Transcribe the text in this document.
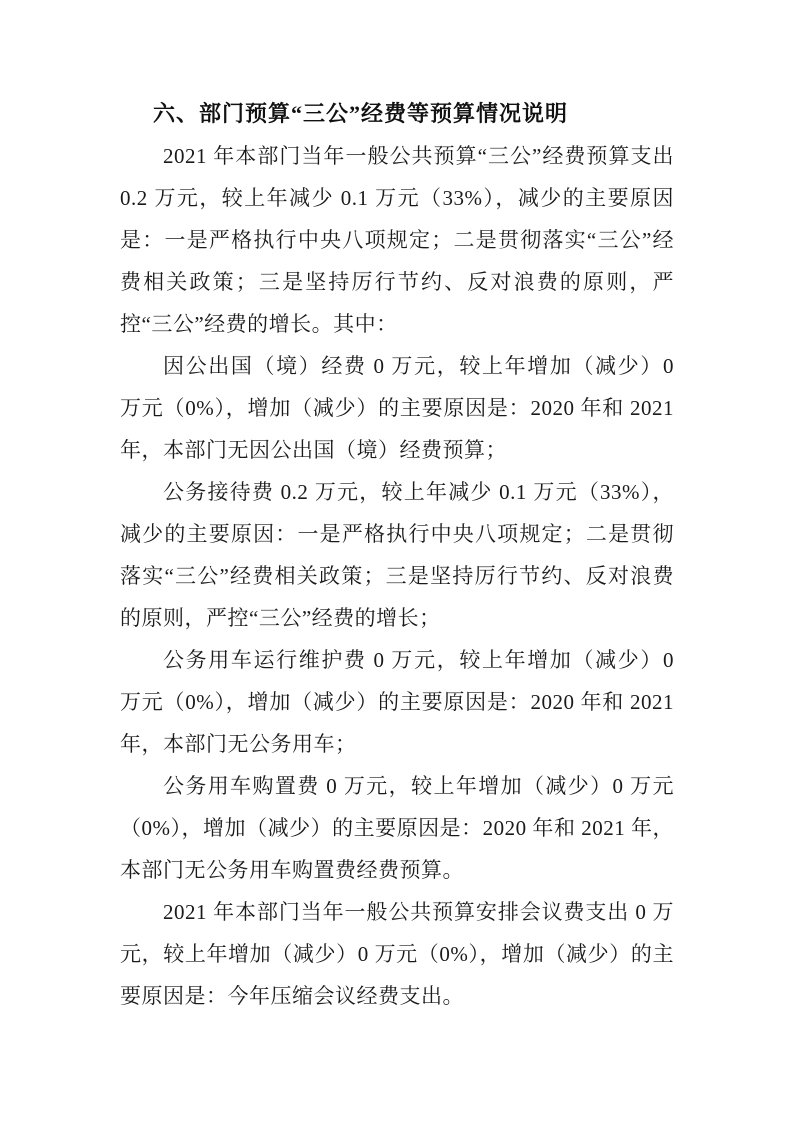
六、部门预算“三公”经费等预算情况说明

2021 年本部门当年一般公共预算“三公”经费预算支出 0.2 万元，较上年减少 0.1 万元（33%），减少的主要原因是：一是严格执行中央八项规定；二是贯彻落实“三公”经费相关政策；三是坚持厉行节约、反对浪费的原则，严控“三公”经费的增长。其中：

因公出国（境）经费 0 万元，较上年增加（减少）0 万元（0%），增加（减少）的主要原因是：2020 年和 2021 年，本部门无因公出国（境）经费预算；

公务接待费 0.2 万元，较上年减少 0.1 万元（33%），减少的主要原因：一是严格执行中央八项规定；二是贯彻落实“三公”经费相关政策；三是坚持厉行节约、反对浪费的原则，严控“三公”经费的增长；

公务用车运行维护费 0 万元，较上年增加（减少）0 万元（0%），增加（减少）的主要原因是：2020 年和 2021 年，本部门无公务用车；

公务用车购置费 0 万元，较上年增加（减少）0 万元（0%），增加（减少）的主要原因是：2020 年和 2021 年，本部门无公务用车购置费经费预算。

2021 年本部门当年一般公共预算安排会议费支出 0 万元，较上年增加（减少）0 万元（0%），增加（减少）的主要原因是：今年压缩会议经费支出。
